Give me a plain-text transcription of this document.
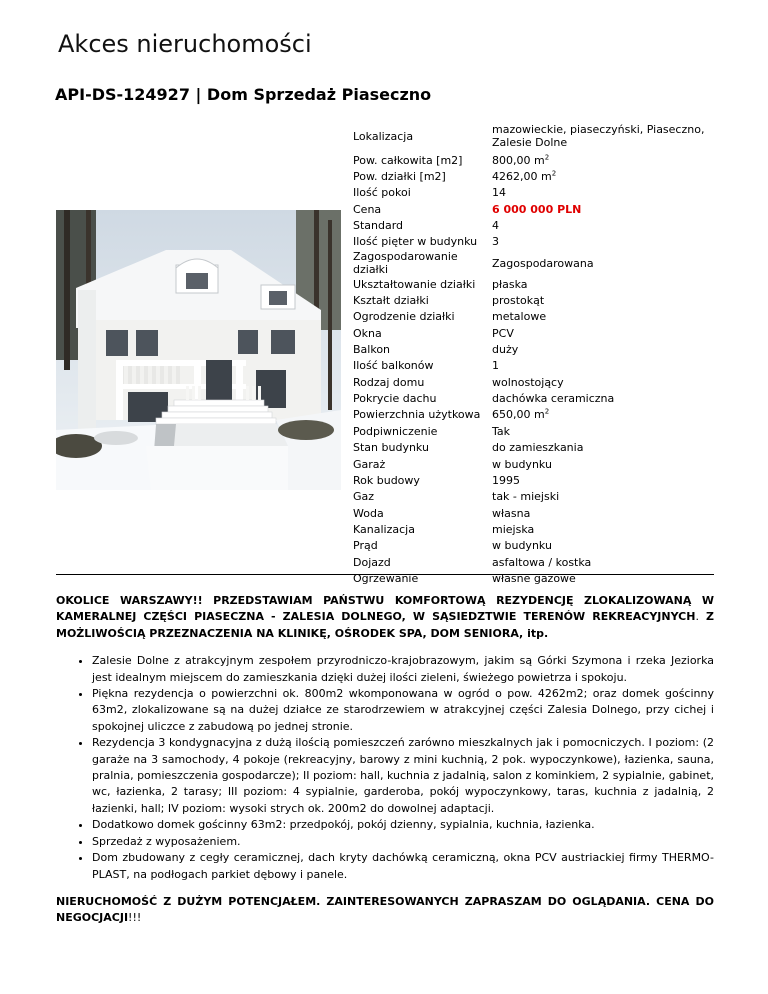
Akces nieruchomości
API-DS-124927 | Dom Sprzedaż Piaseczno
Lokalizacja	mazowieckie, piaseczyński, Piaseczno, Zalesie Dolne
Pow. całkowita [m2]	800,00 $m^2$
Pow. działki [m2]	4262,00 $m^2$
Ilość pokoi	14
Cena	6 000 000 PLN
Standard	4
Ilość pięter w budynku	3
Zagospodarowanie działki	Zagospodarowana
Ukształtowanie działki	płaska
Kształt działki	prostokąt
Ogrodzenie działki	metalowe
Okna	PCV
Balkon	duży
Ilość balkonów	1
Rodzaj domu	wolnostojący
Pokrycie dachu	dachówka ceramiczna
Powierzchnia użytkowa	650,00 $m^2$
Podpiwniczenie	Tak
Stan budynku	do zamieszkania
Garaż	w budynku
Rok budowy	1995
Gaz	tak - miejski
Woda	własna
Kanalizacja	miejska
Prąd	w budynku
Dojazd	asfaltowa / kostka
Ogrzewanie	własne gazowe

OKOLICE WARSZAWY!! PRZEDSTAWIAM PAŃSTWU KOMFORTOWĄ REZYDENCJĘ ZLOKALIZOWANĄ W KAMERALNEJ CZĘŚCI PIASECZNA - ZALESIA DOLNEGO, W SĄSIEDZTWIE TERENÓW REKREACYJNYCH. Z MOŻLIWOŚCIĄ PRZEZNACZENIA NA KLINIKĘ, OŚRODEK SPA, DOM SENIORA, itp.

• Zalesie Dolne z atrakcyjnym zespołem przyrodniczo-krajobrazowym, jakim są Górki Szymona i rzeka Jeziorka jest idealnym miejscem do zamieszkania dzięki dużej ilości zieleni, świeżego powietrza i spokoju.
• Piękna rezydencja o powierzchni ok. 800m2 wkomponowana w ogród o pow. 4262m2; oraz domek gościnny 63m2, zlokalizowane są na dużej działce ze starodrzewiem w atrakcyjnej części Zalesia Dolnego, przy cichej i spokojnej uliczce z zabudową po jednej stronie.
• Rezydencja 3 kondygnacyjna z dużą ilością pomieszczeń zarówno mieszkalnych jak i pomocniczych. I poziom: (2 garaże na 3 samochody, 4 pokoje (rekreacyjny, barowy z mini kuchnią, 2 pok. wypoczynkowe), łazienka, sauna, pralnia, pomieszczenia gospodarcze); II poziom: hall, kuchnia z jadalnią, salon z kominkiem, 2 sypialnie, gabinet, wc, łazienka, 2 tarasy; III poziom: 4 sypialnie, garderoba, pokój wypoczynkowy, taras, kuchnia z jadalnią, 2 łazienki, hall; IV poziom: wysoki strych ok. 200m2 do dowolnej adaptacji.
• Dodatkowo domek gościnny 63m2: przedpokój, pokój dzienny, sypialnia, kuchnia, łazienka.
• Sprzedaż z wyposażeniem.
• Dom zbudowany z cegły ceramicznej, dach kryty dachówką ceramiczną, okna PCV austriackiej firmy THERMO-PLAST, na podłogach parkiet dębowy i panele.

NIERUCHOMOŚĆ Z DUŻYM POTENCJAŁEM. ZAINTERESOWANYCH ZAPRASZAM DO OGLĄDANIA. CENA DO NEGOCJACJI!!!
